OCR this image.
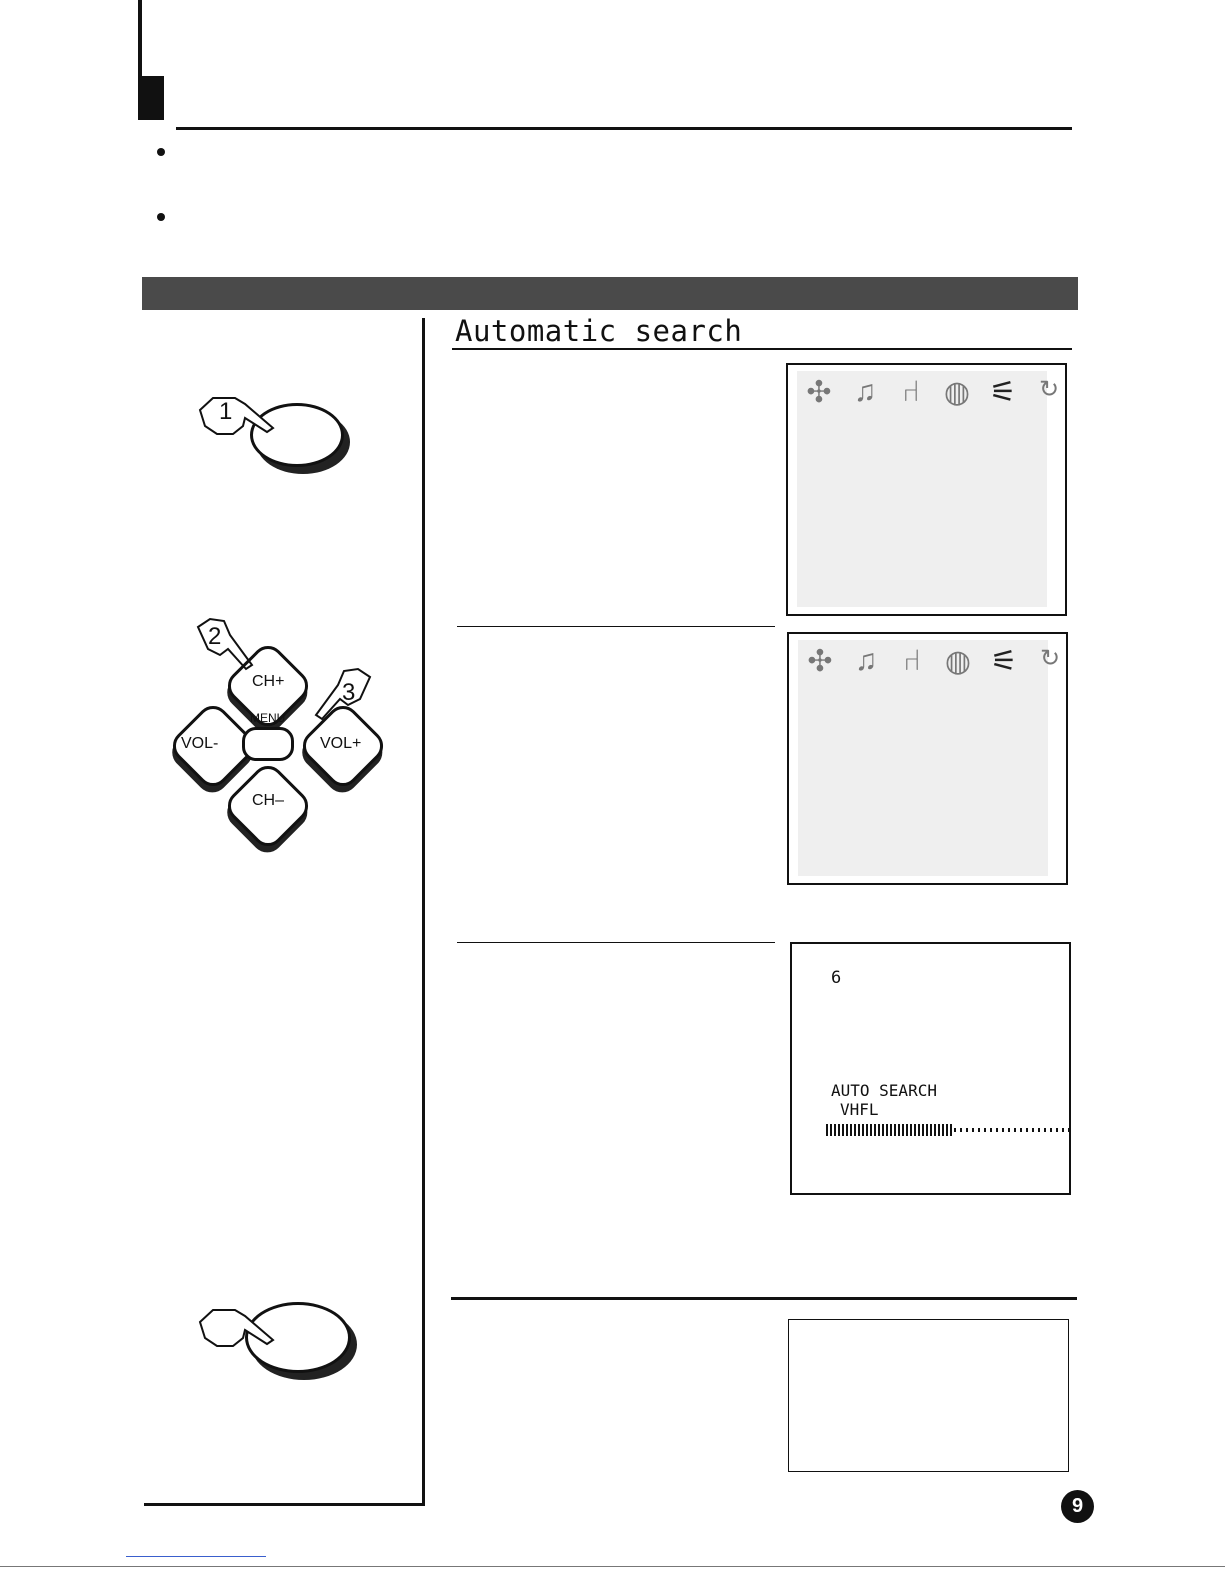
Automatic search
1
CH+
VOL-	VOL+
CH–
MENU
2
3
✣ ♫ ⑁ ◍ ⚟ ↻
✣ ♫ ⑁ ◍ ⚟ ↻
6
AUTO SEARCH
VHFL
9
